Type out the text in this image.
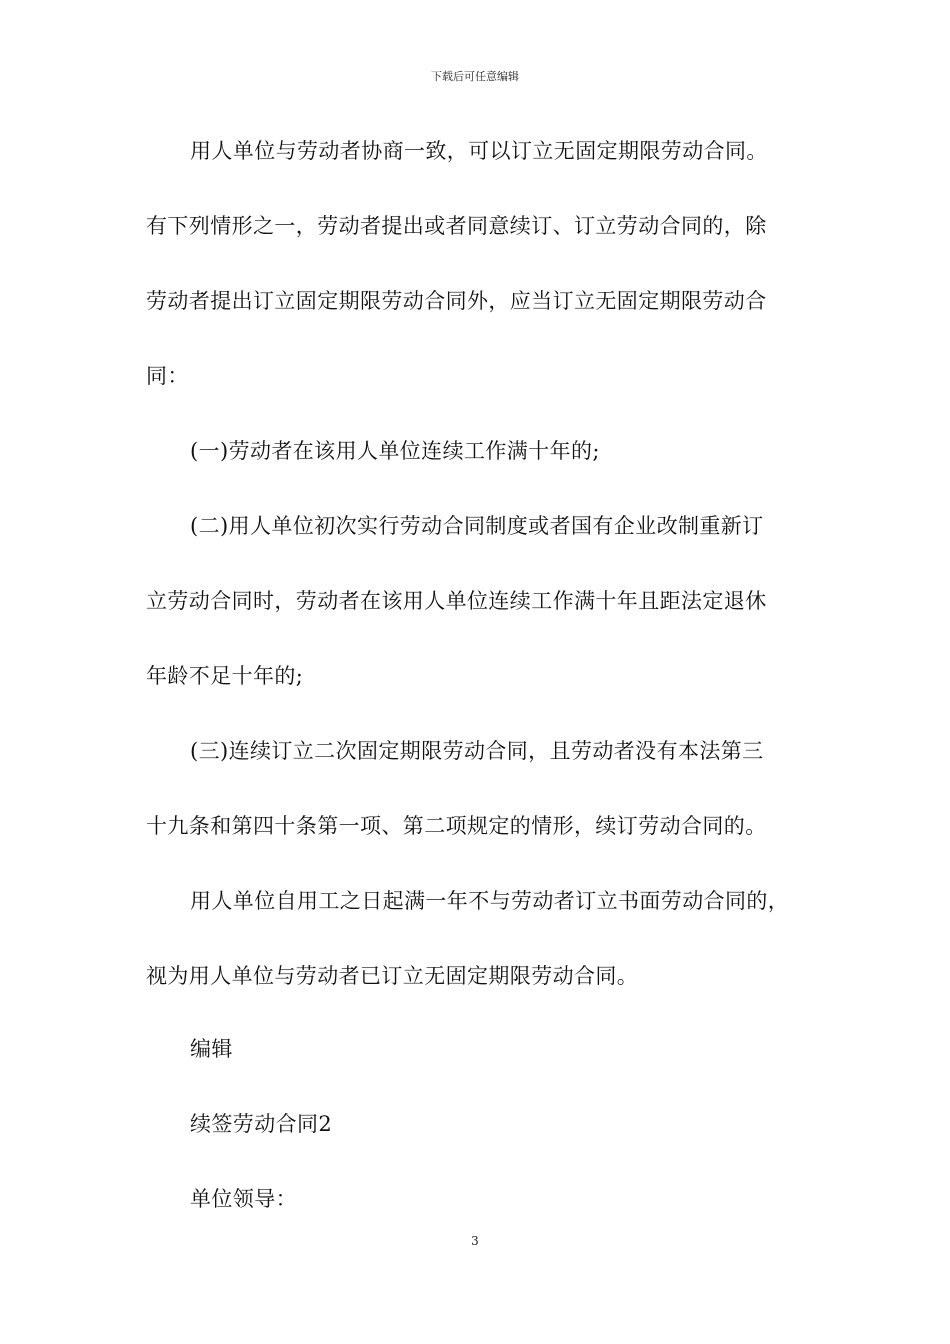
下载后可任意编辑
用人单位与劳动者协商一致，可以订立无固定期限劳动合同。
有下列情形之一，劳动者提出或者同意续订、订立劳动合同的，除
劳动者提出订立固定期限劳动合同外，应当订立无固定期限劳动合
同：
(一)劳动者在该用人单位连续工作满十年的;
(二)用人单位初次实行劳动合同制度或者国有企业改制重新订
立劳动合同时，劳动者在该用人单位连续工作满十年且距法定退休
年龄不足十年的;
(三)连续订立二次固定期限劳动合同，且劳动者没有本法第三
十九条和第四十条第一项、第二项规定的情形，续订劳动合同的。
用人单位自用工之日起满一年不与劳动者订立书面劳动合同的，
视为用人单位与劳动者已订立无固定期限劳动合同。
编辑
续签劳动合同2
单位领导：
3
